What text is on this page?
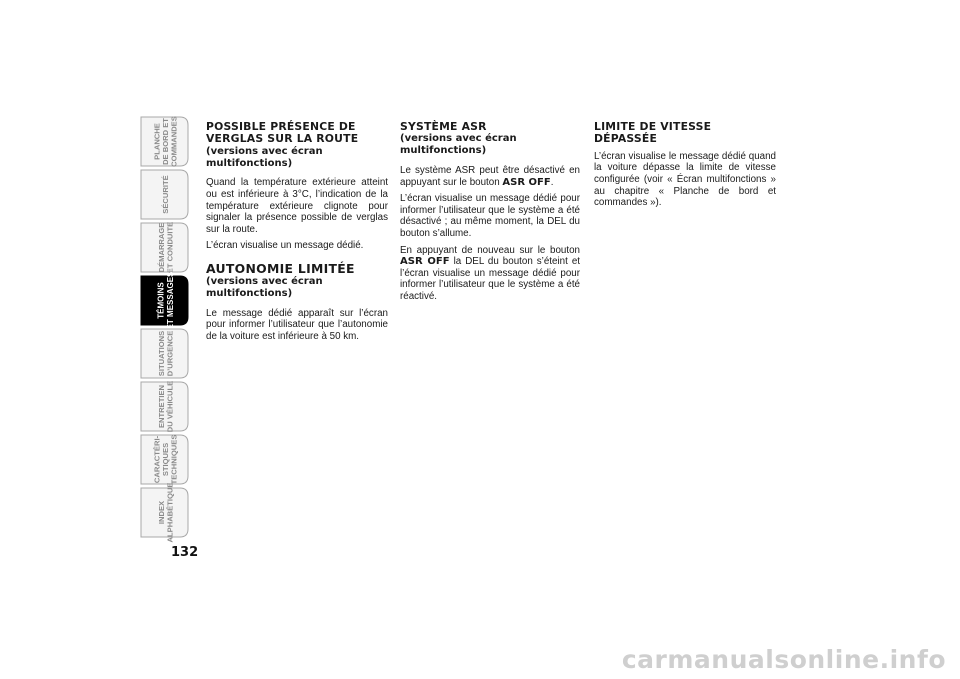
PLANCHEDE BORD ETCOMMANDES
SÉCURITÉ
DÉMARRAGEET CONDUITE
TÉMOINSET MESSAGES
SITUATIONSD’URGENCE
ENTRETIENDU VÉHICULE
CARACTÉRI-STIQUESTECHNIQUES
INDEXALPHABÉTIQUE
132
POSSIBLE PRÉSENCE DE
VERGLAS SUR LA ROUTE
(versions avec écran
multifonctions)

Quand la température extérieure atteint ou est inférieure à 3°C, l’indication de la température extérieure clignote pour signaler la présence possible de verglas sur la route.

L’écran visualise un message dédié.

AUTONOMIE LIMITÉE
(versions avec écran
multifonctions)

Le message dédié apparaît sur l’écran pour informer l’utilisateur que l’autonomie de la voiture est inférieure à 50 km.

SYSTÈME ASR
(versions avec écran multifonctions)

Le système ASR peut être désactivé en appuyant sur le bouton ASR OFF.

L’écran visualise un message dédié pour informer l’utilisateur que le système a été désactivé ; au même moment, la DEL du bouton s’allume.

En appuyant de nouveau sur le bouton ASR OFF la DEL du bouton s’éteint et l’écran visualise un message dédié pour informer l’utilisateur que le système a été réactivé.

LIMITE DE VITESSE DÉPASSÉE

L’écran visualise le message dédié quand la voiture dépasse la limite de vitesse configurée (voir « Écran multifonctions » au chapitre « Planche de bord et commandes »).

carmanualsonline.info
